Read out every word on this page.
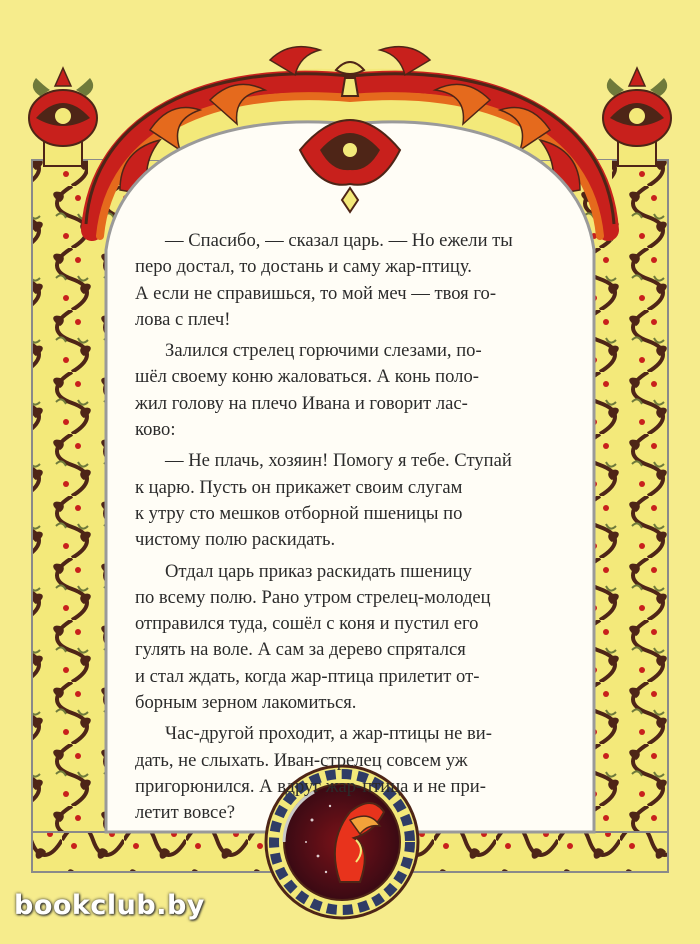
— Спасибо, — сказал царь. — Но ежели ты
перо достал, то достань и саму жар-птицу.
А если не справишься, то мой меч — твоя го-
лова с плеч!

Залился стрелец горючими слезами, по-
шёл своему коню жаловаться. А конь поло-
жил голову на плечо Ивана и говорит лас-
ково:

— Не плачь, хозяин! Помогу я тебе. Ступай
к царю. Пусть он прикажет своим слугам
к утру сто мешков отборной пшеницы по
чистому полю раскидать.

Отдал царь приказ раскидать пшеницу
по всему полю. Рано утром стрелец-молодец
отправился туда, сошёл с коня и пустил его
гулять на воле. А сам за дерево спрятался
и стал ждать, когда жар-птица прилетит от-
борным зерном лакомиться.

Час-другой проходит, а жар-птицы не ви-
дать, не слыхать. Иван-стрелец совсем уж
пригорюнился. А вдруг жар-птица и не при-
летит вовсе?

bookclub.by
